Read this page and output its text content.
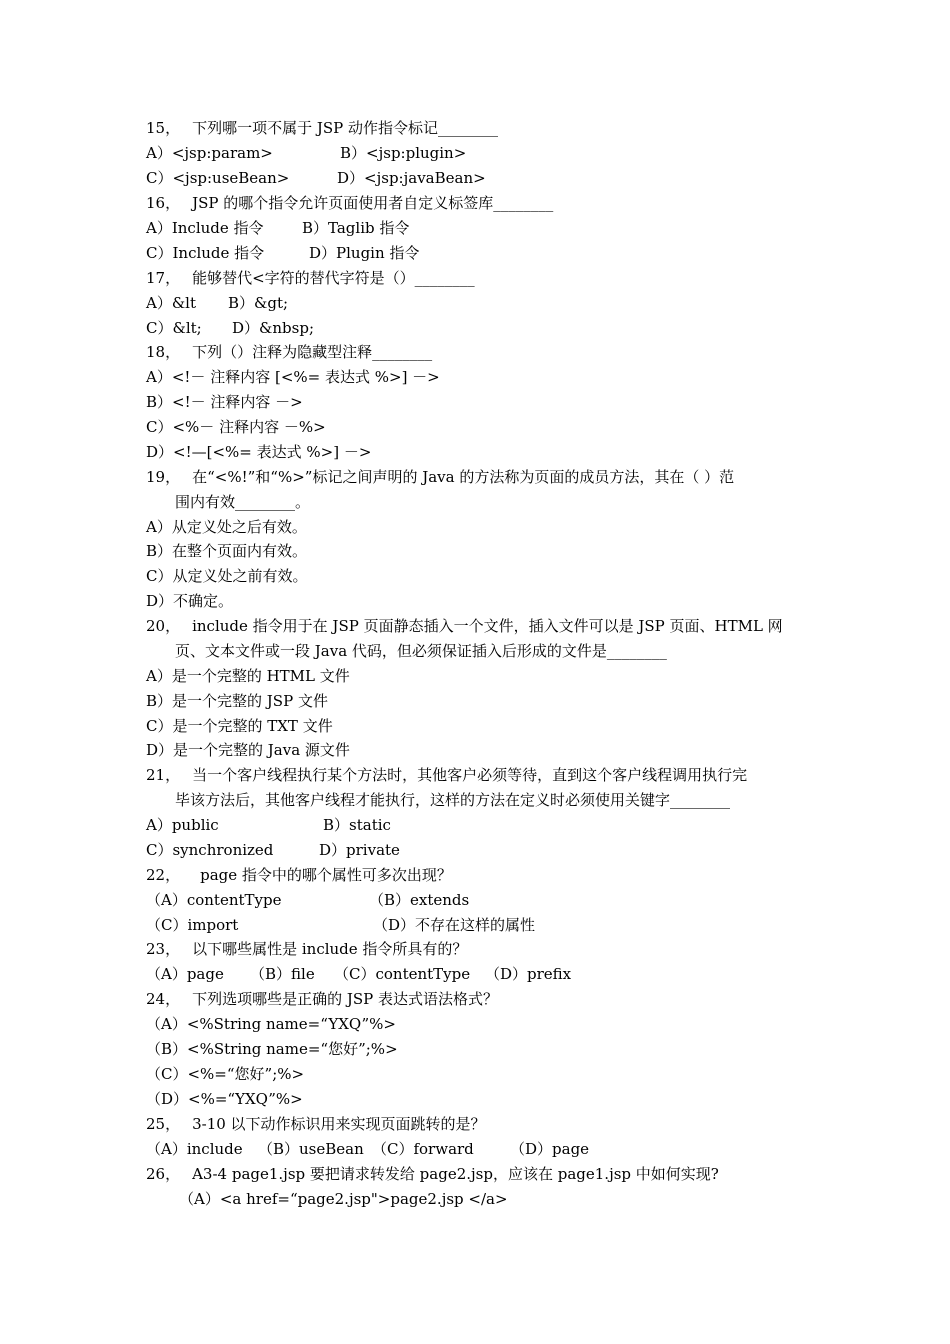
15， 下列哪一项不属于 JSP 动作指令标记________
A）<jsp:param>	B）<jsp:plugin>
C）<jsp:useBean>	D）<jsp:javaBean>
16， JSP 的哪个指令允许页面使用者自定义标签库________
A）Include 指令	B）Taglib 指令
C）Include 指令	D）Plugin 指令
17， 能够替代<字符的替代字符是（）________
A）&lt B）&gt;
C）&lt; D）&nbsp;
18， 下列（）注释为隐藏型注释________
A）<!－ 注释内容 [<%= 表达式 %>] －>
B）<!－ 注释内容 －>
C）<%－ 注释内容 －%>
D）<!—[<%= 表达式 %>] －>
19， 在“<%!”和“%>”标记之间声明的 Java 的方法称为页面的成员方法，其在（ ）范
围内有效________。
A）从定义处之后有效。
B）在整个页面内有效。
C）从定义处之前有效。
D）不确定。
20， include 指令用于在 JSP 页面静态插入一个文件，插入文件可以是 JSP 页面、HTML 网
页、文本文件或一段 Java 代码，但必须保证插入后形成的文件是________
A）是一个完整的 HTML 文件
B）是一个完整的 JSP 文件
C）是一个完整的 TXT 文件
D）是一个完整的 Java 源文件
21， 当一个客户线程执行某个方法时，其他客户必须等待，直到这个客户线程调用执行完
毕该方法后，其他客户线程才能执行，这样的方法在定义时必须使用关键字________
A）public	B）static
C）synchronized	D）private
22， page 指令中的哪个属性可多次出现？
（A）contentType	（B）extends
（C）import	（D）不存在这样的属性
23， 以下哪些属性是 include 指令所具有的？
（A）page （B）file （C）contentType （D）prefix
24， 下列选项哪些是正确的 JSP 表达式语法格式？
（A）<%String name=“YXQ”%>
（B）<%String name=“您好”;%>
（C）<%=“您好”;%>
（D）<%=“YXQ”%>
25， 3-10 以下动作标识用来实现页面跳转的是？
（A）include （B）useBean （C）forward （D）page
26， A3-4 page1.jsp 要把请求转发给 page2.jsp，应该在 page1.jsp 中如何实现?
（A）<a href=“page2.jsp">page2.jsp </a>
